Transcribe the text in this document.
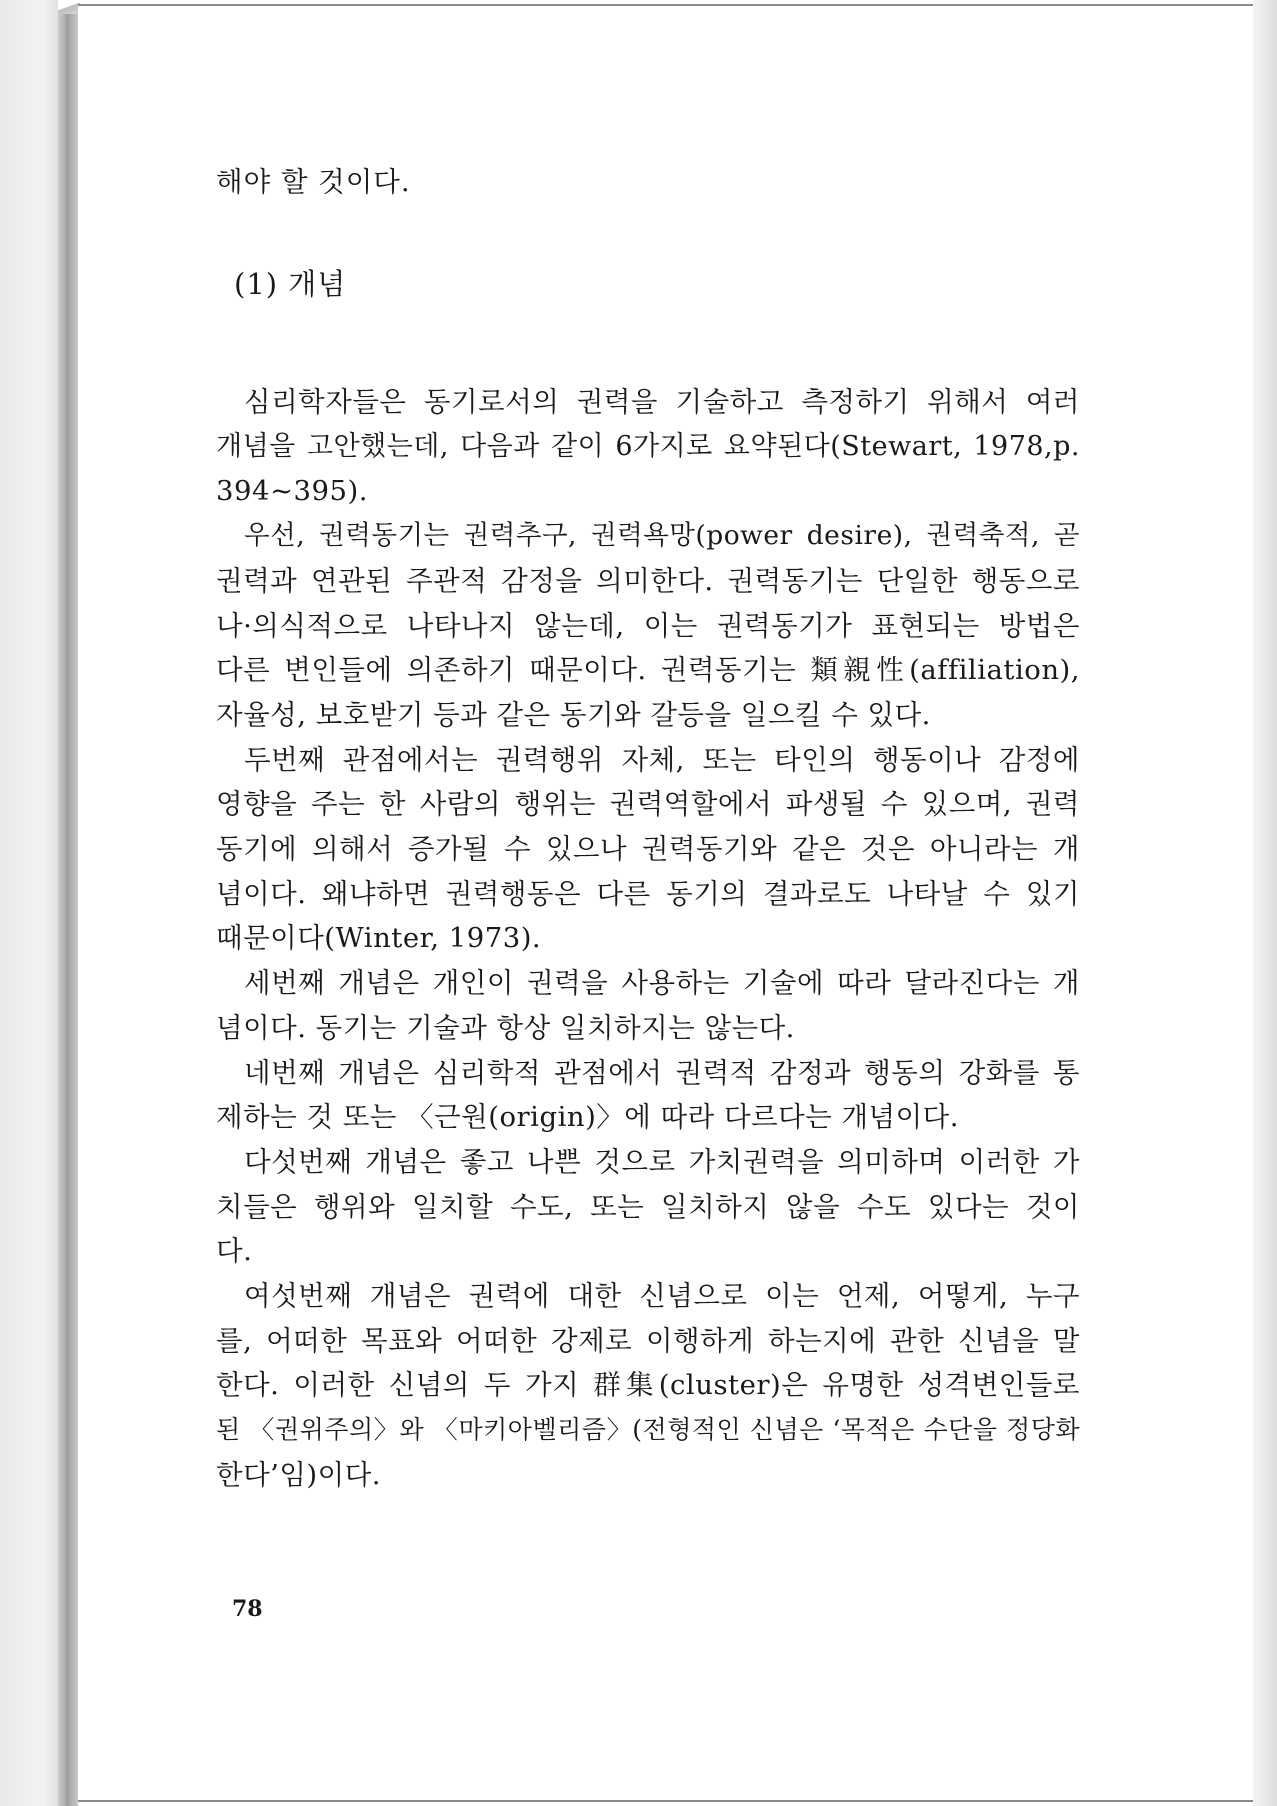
해야 할 것이다.
(1) 개념
심리학자들은 동기로서의 권력을 기술하고 측정하기 위해서 여러
개념을 고안했는데, 다음과 같이 6가지로 요약된다(Stewart, 1978,p.
394~395).
우선, 권력동기는 권력추구, 권력욕망(power desire), 권력축적, 곧
권력과 연관된 주관적 감정을 의미한다. 권력동기는 단일한 행동으로
나·의식적으로 나타나지 않는데, 이는 권력동기가 표현되는 방법은
다른 변인들에 의존하기 때문이다. 권력동기는 類親性(affiliation),
자율성, 보호받기 등과 같은 동기와 갈등을 일으킬 수 있다.
두번째 관점에서는 권력행위 자체, 또는 타인의 행동이나 감정에
영향을 주는 한 사람의 행위는 권력역할에서 파생될 수 있으며, 권력
동기에 의해서 증가될 수 있으나 권력동기와 같은 것은 아니라는 개
념이다. 왜냐하면 권력행동은 다른 동기의 결과로도 나타날 수 있기
때문이다(Winter, 1973).
세번째 개념은 개인이 권력을 사용하는 기술에 따라 달라진다는 개
념이다. 동기는 기술과 항상 일치하지는 않는다.
네번째 개념은 심리학적 관점에서 권력적 감정과 행동의 강화를 통
제하는 것 또는 〈근원(origin)〉에 따라 다르다는 개념이다.
다섯번째 개념은 좋고 나쁜 것으로 가치권력을 의미하며 이러한 가
치들은 행위와 일치할 수도, 또는 일치하지 않을 수도 있다는 것이
다.
여섯번째 개념은 권력에 대한 신념으로 이는 언제, 어떻게, 누구
를, 어떠한 목표와 어떠한 강제로 이행하게 하는지에 관한 신념을 말
한다. 이러한 신념의 두 가지 群集(cluster)은 유명한 성격변인들로
된 〈권위주의〉와 〈마키아벨리즘〉(전형적인 신념은 ‘목적은 수단을 정당화
한다’임)이다.
78
